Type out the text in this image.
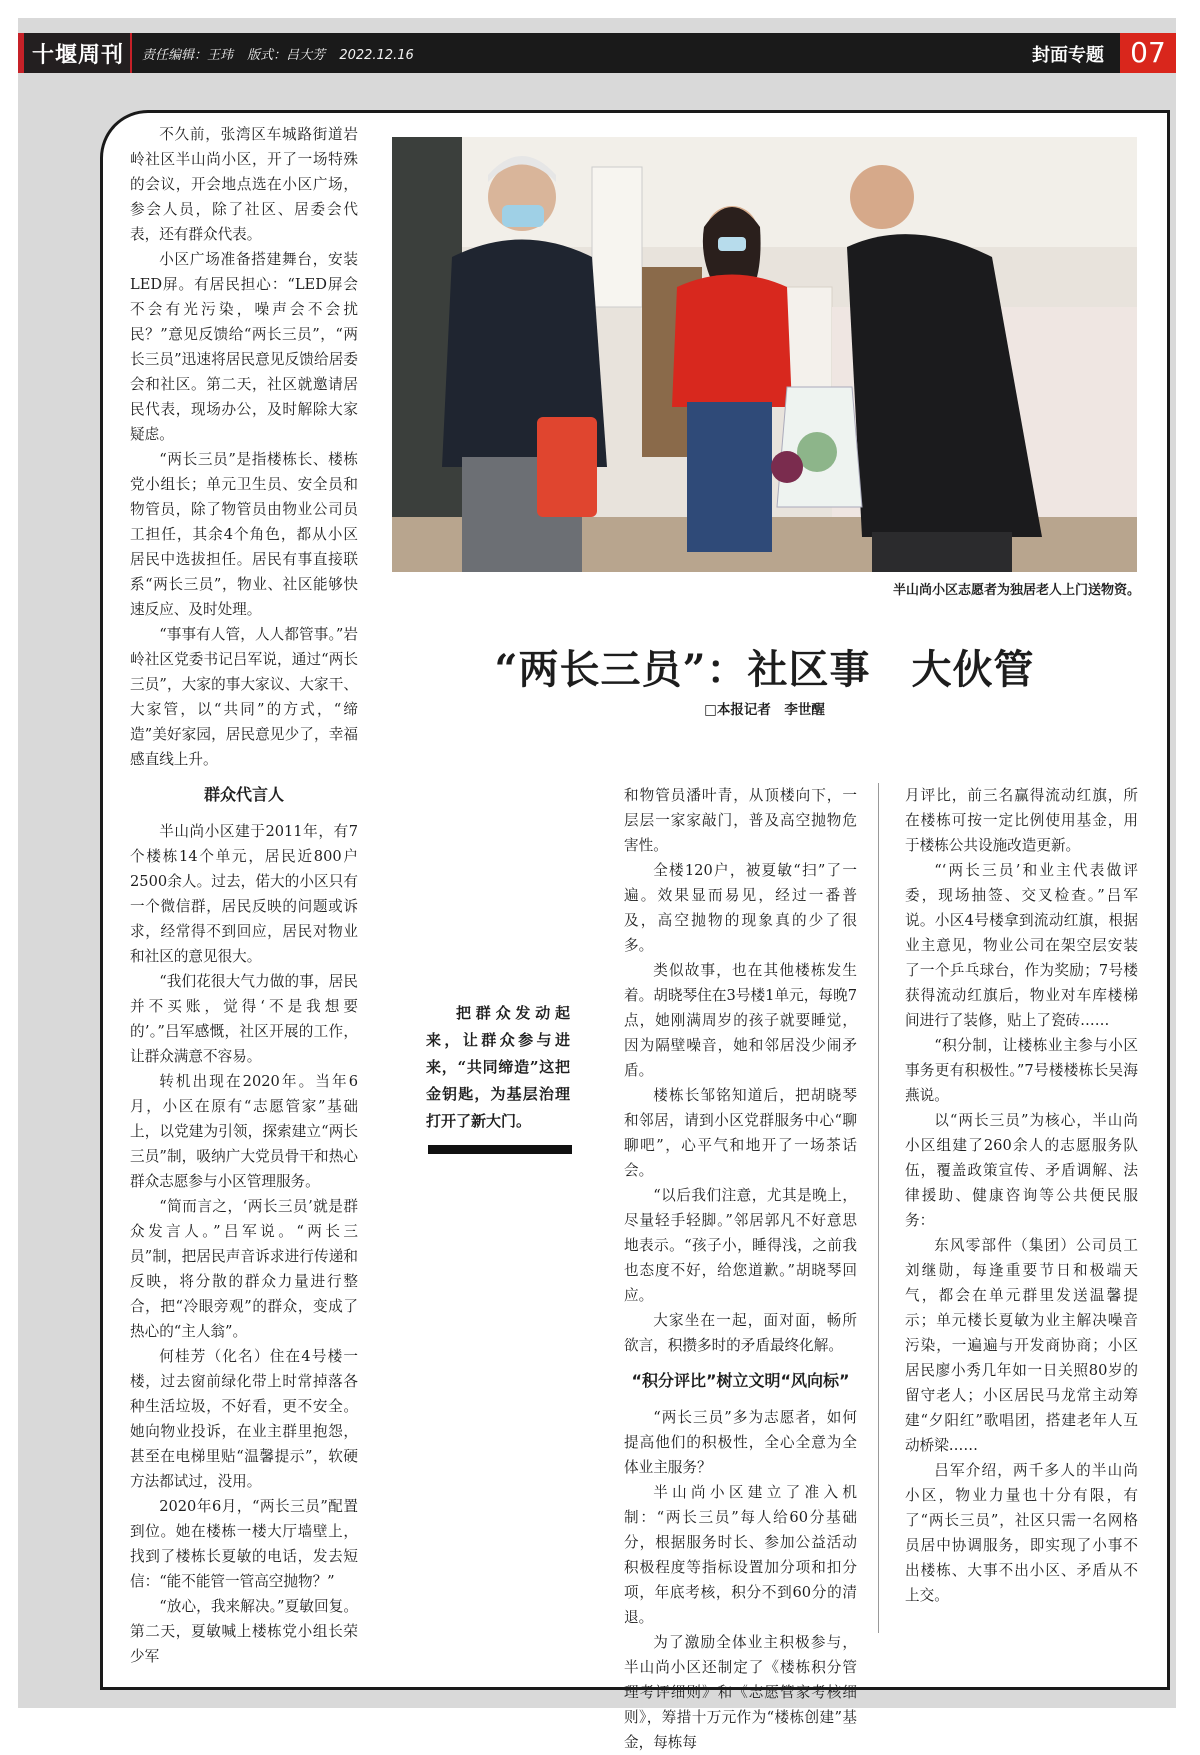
十堰周刊 责任编辑：王玮 版式：吕大芳 2022.12.16	封面专题 07
半山尚小区志愿者为独居老人上门送物资。
“两长三员”：社区事　大伙管
□本报记者　李世醒

不久前，张湾区车城路街道岩岭社区半山尚小区，开了一场特殊的会议，开会地点选在小区广场，参会人员，除了社区、居委会代表，还有群众代表。

小区广场准备搭建舞台，安装LED屏。有居民担心：“LED屏会不会有光污染，噪声会不会扰民？”意见反馈给“两长三员”，“两长三员”迅速将居民意见反馈给居委会和社区。第二天，社区就邀请居民代表，现场办公，及时解除大家疑虑。

“两长三员”是指楼栋长、楼栋党小组长；单元卫生员、安全员和物管员，除了物管员由物业公司员工担任，其余4个角色，都从小区居民中选拔担任。居民有事直接联系“两长三员”，物业、社区能够快速反应、及时处理。

“事事有人管，人人都管事。”岩岭社区党委书记吕军说，通过“两长三员”，大家的事大家议、大家干、大家管，以“共同”的方式，“缔造”美好家园，居民意见少了，幸福感直线上升。

群众代言人

半山尚小区建于2011年，有7个楼栋14个单元，居民近800户2500余人。过去，偌大的小区只有一个微信群，居民反映的问题或诉求，经常得不到回应，居民对物业和社区的意见很大。

“我们花很大气力做的事，居民并不买账，觉得‘不是我想要的’。”吕军感慨，社区开展的工作，让群众满意不容易。

转机出现在2020年。当年6月，小区在原有“志愿管家”基础上，以党建为引领，探索建立“两长三员”制，吸纳广大党员骨干和热心群众志愿参与小区管理服务。

“简而言之，‘两长三员’就是群众发言人。”吕军说。“两长三员”制，把居民声音诉求进行传递和反映，将分散的群众力量进行整合，把“冷眼旁观”的群众，变成了热心的“主人翁”。

何桂芳（化名）住在4号楼一楼，过去窗前绿化带上时常掉落各种生活垃圾，不好看，更不安全。她向物业投诉，在业主群里抱怨，甚至在电梯里贴“温馨提示”，软硬方法都试过，没用。

2020年6月，“两长三员”配置到位。她在楼栋一楼大厅墙壁上，找到了楼栋长夏敏的电话，发去短信：“能不能管一管高空抛物？”

“放心，我来解决。”夏敏回复。第二天，夏敏喊上楼栋党小组长荣少军

把群众发动起来，让群众参与进来，“共同缔造”这把金钥匙，为基层治理打开了新大门。

和物管员潘叶青，从顶楼向下，一层层一家家敲门，普及高空抛物危害性。

全楼120户，被夏敏“扫”了一遍。效果显而易见，经过一番普及，高空抛物的现象真的少了很多。

类似故事，也在其他楼栋发生着。胡晓琴住在3号楼1单元，每晚7点，她刚满周岁的孩子就要睡觉，因为隔壁噪音，她和邻居没少闹矛盾。

楼栋长邹铭知道后，把胡晓琴和邻居，请到小区党群服务中心“聊聊吧”，心平气和地开了一场茶话会。

“以后我们注意，尤其是晚上，尽量轻手轻脚。”邻居郭凡不好意思地表示。“孩子小，睡得浅，之前我也态度不好，给您道歉。”胡晓琴回应。

大家坐在一起，面对面，畅所欲言，积攒多时的矛盾最终化解。

“积分评比”树立文明“风向标”

“两长三员”多为志愿者，如何提高他们的积极性，全心全意为全体业主服务？

半山尚小区建立了准入机制：“两长三员”每人给60分基础分，根据服务时长、参加公益活动积极程度等指标设置加分项和扣分项，年底考核，积分不到60分的清退。

为了激励全体业主积极参与，半山尚小区还制定了《楼栋积分管理考评细则》和《志愿管家考核细则》，筹措十万元作为“楼栋创建”基金，每栋每

月评比，前三名赢得流动红旗，所在楼栋可按一定比例使用基金，用于楼栋公共设施改造更新。

“‘两长三员’和业主代表做评委，现场抽签、交叉检查。”吕军说。小区4号楼拿到流动红旗，根据业主意见，物业公司在架空层安装了一个乒乓球台，作为奖励；7号楼获得流动红旗后，物业对车库楼梯间进行了装修，贴上了瓷砖……

“积分制，让楼栋业主参与小区事务更有积极性。”7号楼楼栋长吴海燕说。

以“两长三员”为核心，半山尚小区组建了260余人的志愿服务队伍，覆盖政策宣传、矛盾调解、法律援助、健康咨询等公共便民服务：

东风零部件（集团）公司员工刘继勋，每逢重要节日和极端天气，都会在单元群里发送温馨提示；单元楼长夏敏为业主解决噪音污染，一遍遍与开发商协商；小区居民廖小秀几年如一日关照80岁的留守老人；小区居民马龙常主动筹建“夕阳红”歌唱团，搭建老年人互动桥梁……

吕军介绍，两千多人的半山尚小区，物业力量也十分有限，有了“两长三员”，社区只需一名网格员居中协调服务，即实现了小事不出楼栋、大事不出小区、矛盾从不上交。
